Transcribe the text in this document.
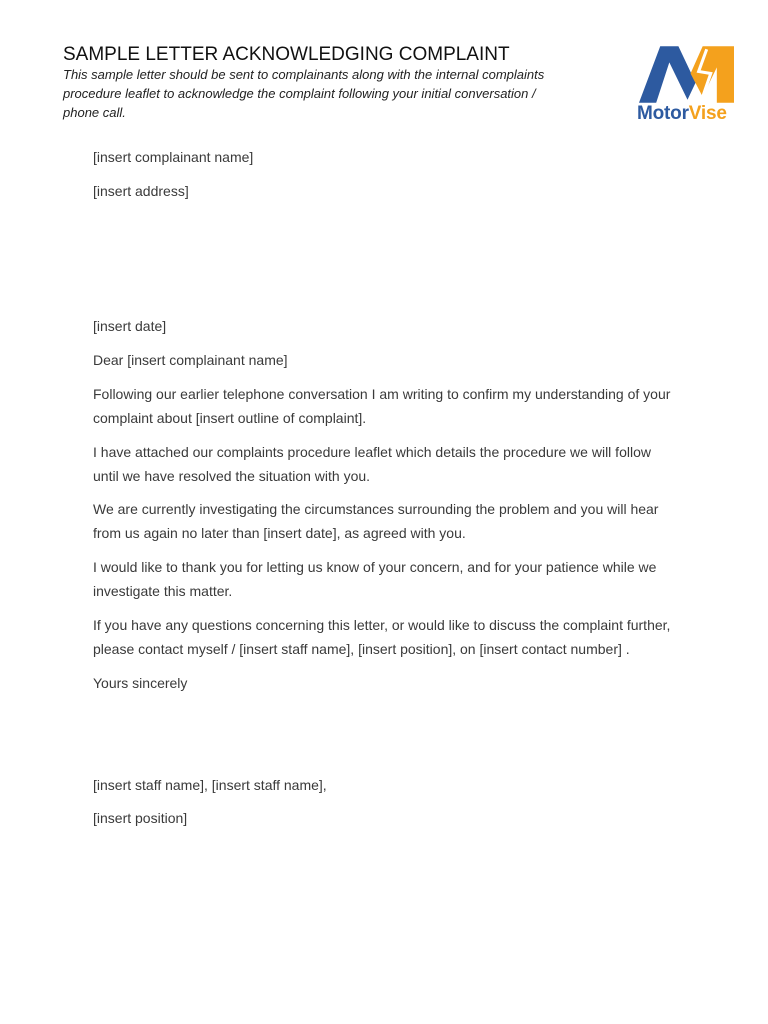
SAMPLE LETTER ACKNOWLEDGING COMPLAINT
This sample letter should be sent to complainants along with the internal complaints
procedure leaflet to acknowledge the complaint following your initial conversation /
phone call.	MotorVise
[insert complainant name]
[insert address]
[insert date]
Dear [insert complainant name]
Following our earlier telephone conversation I am writing to confirm my understanding of your
complaint about [insert outline of complaint].
I have attached our complaints procedure leaflet which details the procedure we will follow
until we have resolved the situation with you.
We are currently investigating the circumstances surrounding the problem and you will hear
from us again no later than [insert date], as agreed with you.
I would like to thank you for letting us know of your concern, and for your patience while we
investigate this matter.
If you have any questions concerning this letter, or would like to discuss the complaint further,
please contact myself / [insert staff name], [insert position], on [insert contact number] .
Yours sincerely
[insert staff name], [insert staff name],
[insert position]
